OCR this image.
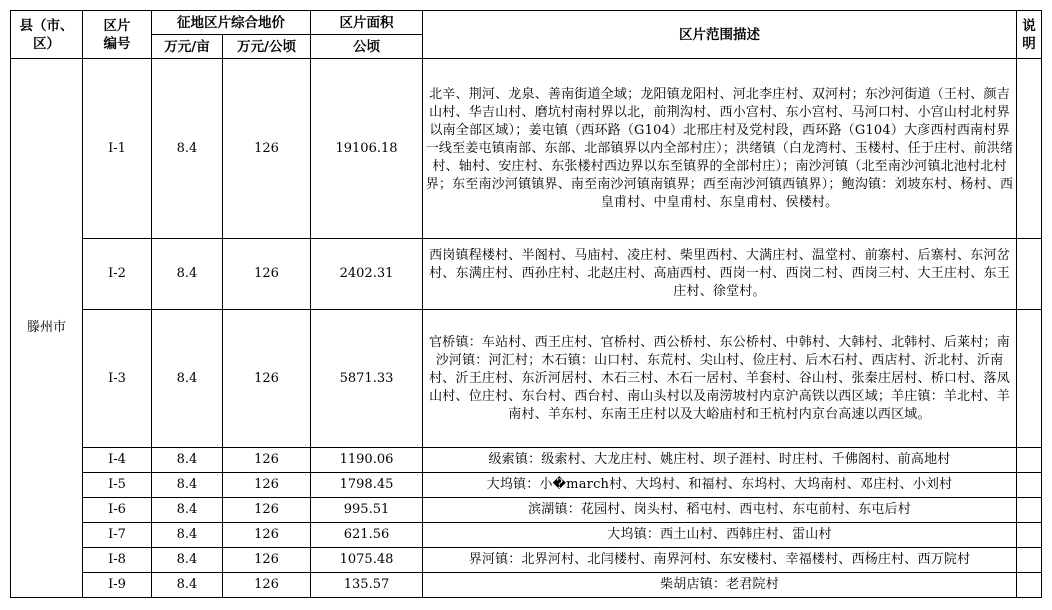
县（市、区）	区片编号	征地区片综合地价		区片面积	区片范围描述	说明
		万元/亩	万元/公顷	公顷		
滕州市	Ⅰ-1	8.4	126	19106.18	北辛、荆河、龙泉、善南街道全域；龙阳镇龙阳村、河北李庄村、双河村；东沙河街道（王村、颜吉山村、华吉山村、磨坑村南村界以北，前荆沟村、西小宫村、东小宫村、马河口村、小宫山村北村界以南全部区域）；姜屯镇（西环路（G104）北邢庄村及党村段，西环路（G104）大彦西村西南村界一线至姜屯镇南部、东部、北部镇界以内全部村庄）；洪绪镇（白龙湾村、玉楼村、任于庄村、前洪绪村、轴村、安庄村、东张楼村西边界以东至镇界的全部村庄）；南沙河镇（北至南沙河镇北池村北村界；东至南沙河镇镇界、南至南沙河镇南镇界；西至南沙河镇西镇界）；鲍沟镇：刘坡东村、杨村、西皇甫村、中皇甫村、东皇甫村、侯楼村。	
	Ⅰ-2	8.4	126	2402.31	西岗镇程楼村、半阁村、马庙村、凌庄村、柴里西村、大满庄村、温堂村、前寨村、后寨村、东河岔村、东满庄村、西孙庄村、北赵庄村、高庙西村、西岗一村、西岗二村、西岗三村、大王庄村、东王庄村、徐堂村。	
	Ⅰ-3	8.4	126	5871.33	官桥镇：车站村、西王庄村、官桥村、西公桥村、东公桥村、中韩村、大韩村、北韩村、后莱村；南沙河镇：河汇村；木石镇：山口村、东荒村、尖山村、俭庄村、后木石村、西店村、沂北村、沂南村、沂王庄村、东沂河居村、木石三村、木石一居村、羊套村、谷山村、张秦庄居村、桥口村、落凤山村、位庄村、东台村、西台村、南山头村以及南涝坡村内京沪高铁以西区域；羊庄镇：羊北村、羊南村、羊东村、东南王庄村以及大峪庙村和王杭村内京台高速以西区域。	
	Ⅰ-4	8.4	126	1190.06	级索镇：级索村、大龙庄村、姚庄村、坝子涯村、时庄村、千佛阁村、前高地村	
	Ⅰ-5	8.4	126	1798.45	大坞镇：小�march村、大坞村、和福村、东坞村、大坞南村、邓庄村、小刘村	
	Ⅰ-6	8.4	126	995.51	滨湖镇：花园村、岗头村、稻屯村、西屯村、东屯前村、东屯后村	
	Ⅰ-7	8.4	126	621.56	大坞镇：西土山村、西韩庄村、雷山村	
	Ⅰ-8	8.4	126	1075.48	界河镇：北界河村、北闫楼村、南界河村、东安楼村、幸福楼村、西杨庄村、西万院村	
	Ⅰ-9	8.4	126	135.57	柴胡店镇：老君院村	
